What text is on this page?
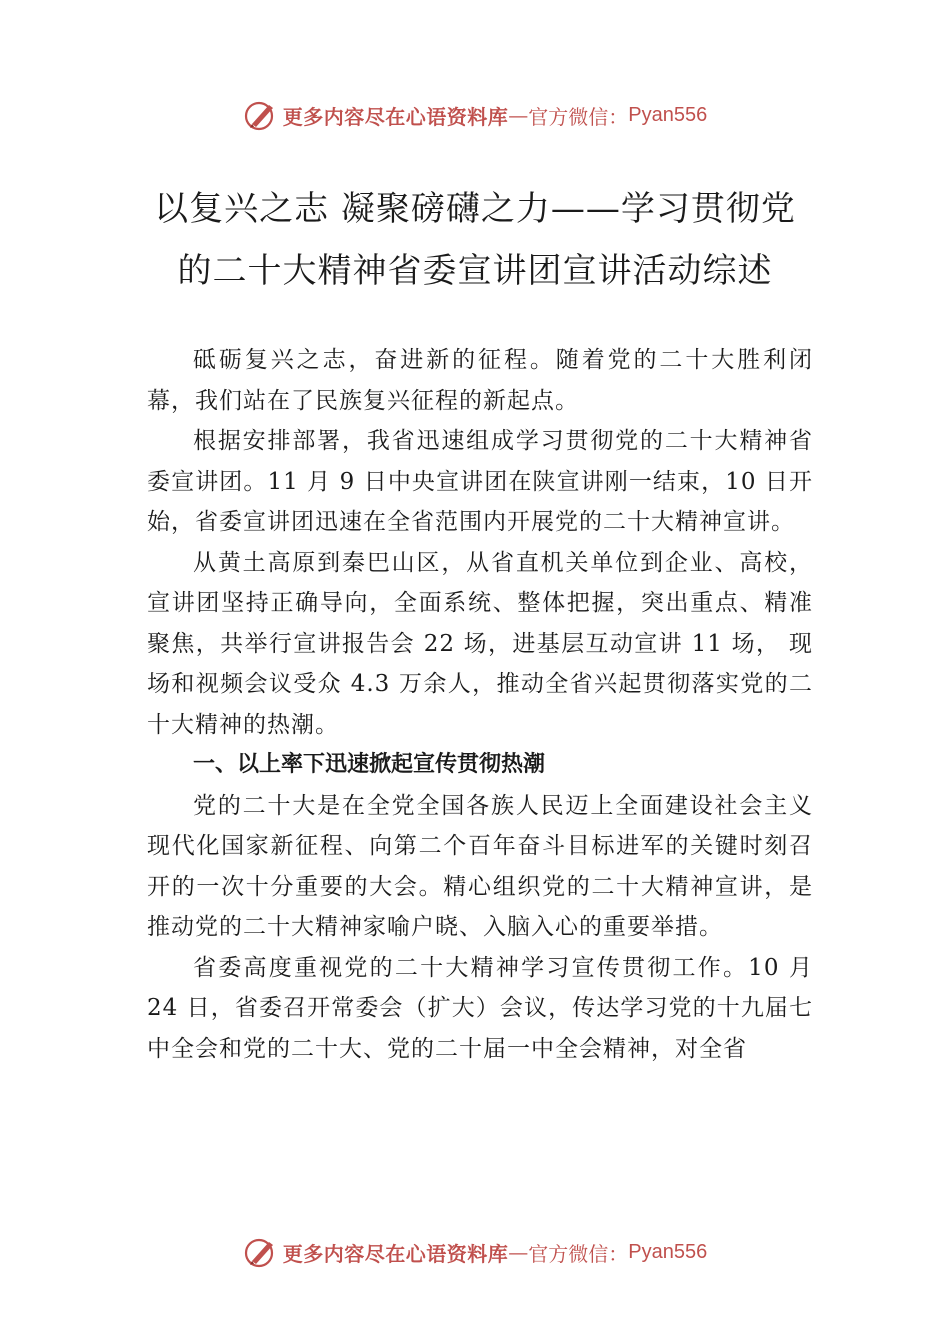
更多内容尽在心语资料库 — 官方微信： Pyan556
以复兴之志 凝聚磅礴之力——学习贯彻党
的二十大精神省委宣讲团宣讲活动综述

砥砺复兴之志，奋进新的征程。随着党的二十大胜利闭幕，我们站在了民族复兴征程的新起点。

根据安排部署，我省迅速组成学习贯彻党的二十大精神省委宣讲团。11 月 9 日中央宣讲团在陕宣讲刚一结束，10 日开始，省委宣讲团迅速在全省范围内开展党的二十大精神宣讲。

从黄土高原到秦巴山区，从省直机关单位到企业、高校，宣讲团坚持正确导向，全面系统、整体把握，突出重点、精准聚焦，共举行宣讲报告会 22 场，进基层互动宣讲 11 场， 现场和视频会议受众 4.3 万余人，推动全省兴起贯彻落实党的二十大精神的热潮。

一、以上率下迅速掀起宣传贯彻热潮

党的二十大是在全党全国各族人民迈上全面建设社会主义现代化国家新征程、向第二个百年奋斗目标进军的关键时刻召开的一次十分重要的大会。精心组织党的二十大精神宣讲，是推动党的二十大精神家喻户晓、入脑入心的重要举措。

省委高度重视党的二十大精神学习宣传贯彻工作。10 月 24 日，省委召开常委会（扩大）会议，传达学习党的十九届七中全会和党的二十大、党的二十届一中全会精神，对全省

更多内容尽在心语资料库 — 官方微信： Pyan556
